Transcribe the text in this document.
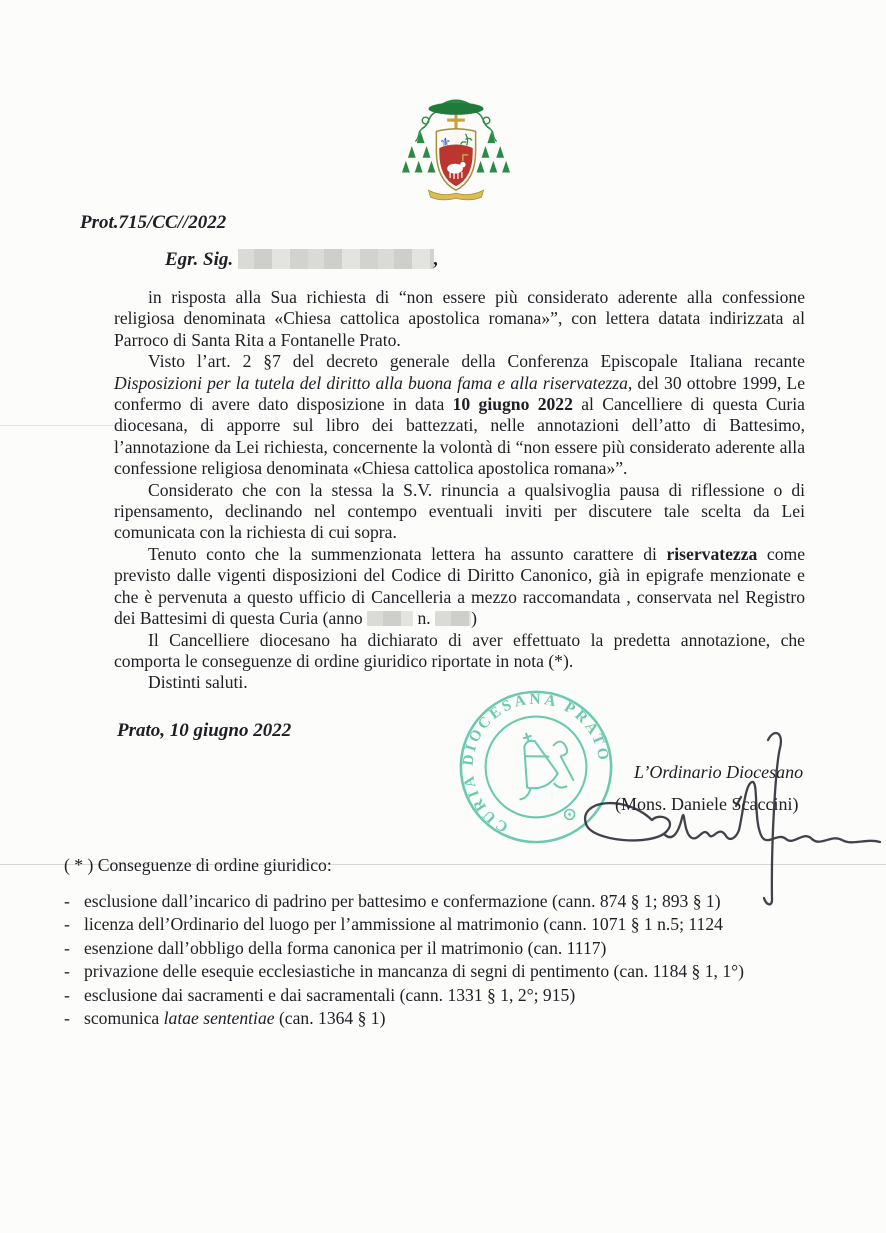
⚜
Prot.715/CC//2022
Egr. Sig.	,

in risposta alla Sua richiesta di “non essere più considerato aderente alla confessione religiosa denominata «Chiesa cattolica apostolica romana»”, con lettera datata indirizzata al Parroco di Santa Rita a Fontanelle Prato.

Visto l’art. 2 §7 del decreto generale della Conferenza Episcopale Italiana recante Disposizioni per la tutela del diritto alla buona fama e alla riservatezza, del 30 ottobre 1999, Le confermo di avere dato disposizione in data 10 giugno 2022 al Cancelliere di questa Curia diocesana, di apporre sul libro dei battezzati, nelle annotazioni dell’atto di Battesimo, l’annotazione da Lei richiesta, concernente la volontà di “non essere più considerato aderente alla confessione religiosa denominata «Chiesa cattolica apostolica romana»”.

Considerato che con la stessa la S.V. rinuncia a qualsivoglia pausa di riflessione o di ripensamento, declinando nel contempo eventuali inviti per discutere tale scelta da Lei comunicata con la richiesta di cui sopra.

Tenuto conto che la summenzionata lettera ha assunto carattere di riservatezza come previsto dalle vigenti disposizioni del Codice di Diritto Canonico, già in epigrafe menzionate e che è pervenuta a questo ufficio di Cancelleria a mezzo raccomandata , conservata nel Registro dei Battesimi di questa Curia (anno	n. )

Il Cancelliere diocesano ha dichiarato di aver effettuato la predetta annotazione, che comporta le conseguenze di ordine giuridico riportate in nota (*).

Distinti saluti.

Prato, 10 giugno 2022
CURIA DIOCESANA PRATO
L’Ordinario Diocesano
(Mons. Daniele Scaccini)

( * ) Conseguenze di ordine giuridico:

- esclusione dall’incarico di padrino per battesimo e confermazione (cann. 874 § 1; 893 § 1)
- licenza dell’Ordinario del luogo per l’ammissione al matrimonio (cann. 1071 § 1 n.5; 1124
- esenzione dall’obbligo della forma canonica per il matrimonio (can. 1117)
- privazione delle esequie ecclesiastiche in mancanza di segni di pentimento (can. 1184 § 1, 1°)
- esclusione dai sacramenti e dai sacramentali (cann. 1331 § 1, 2°; 915)
- scomunica latae sententiae (can. 1364 § 1)
